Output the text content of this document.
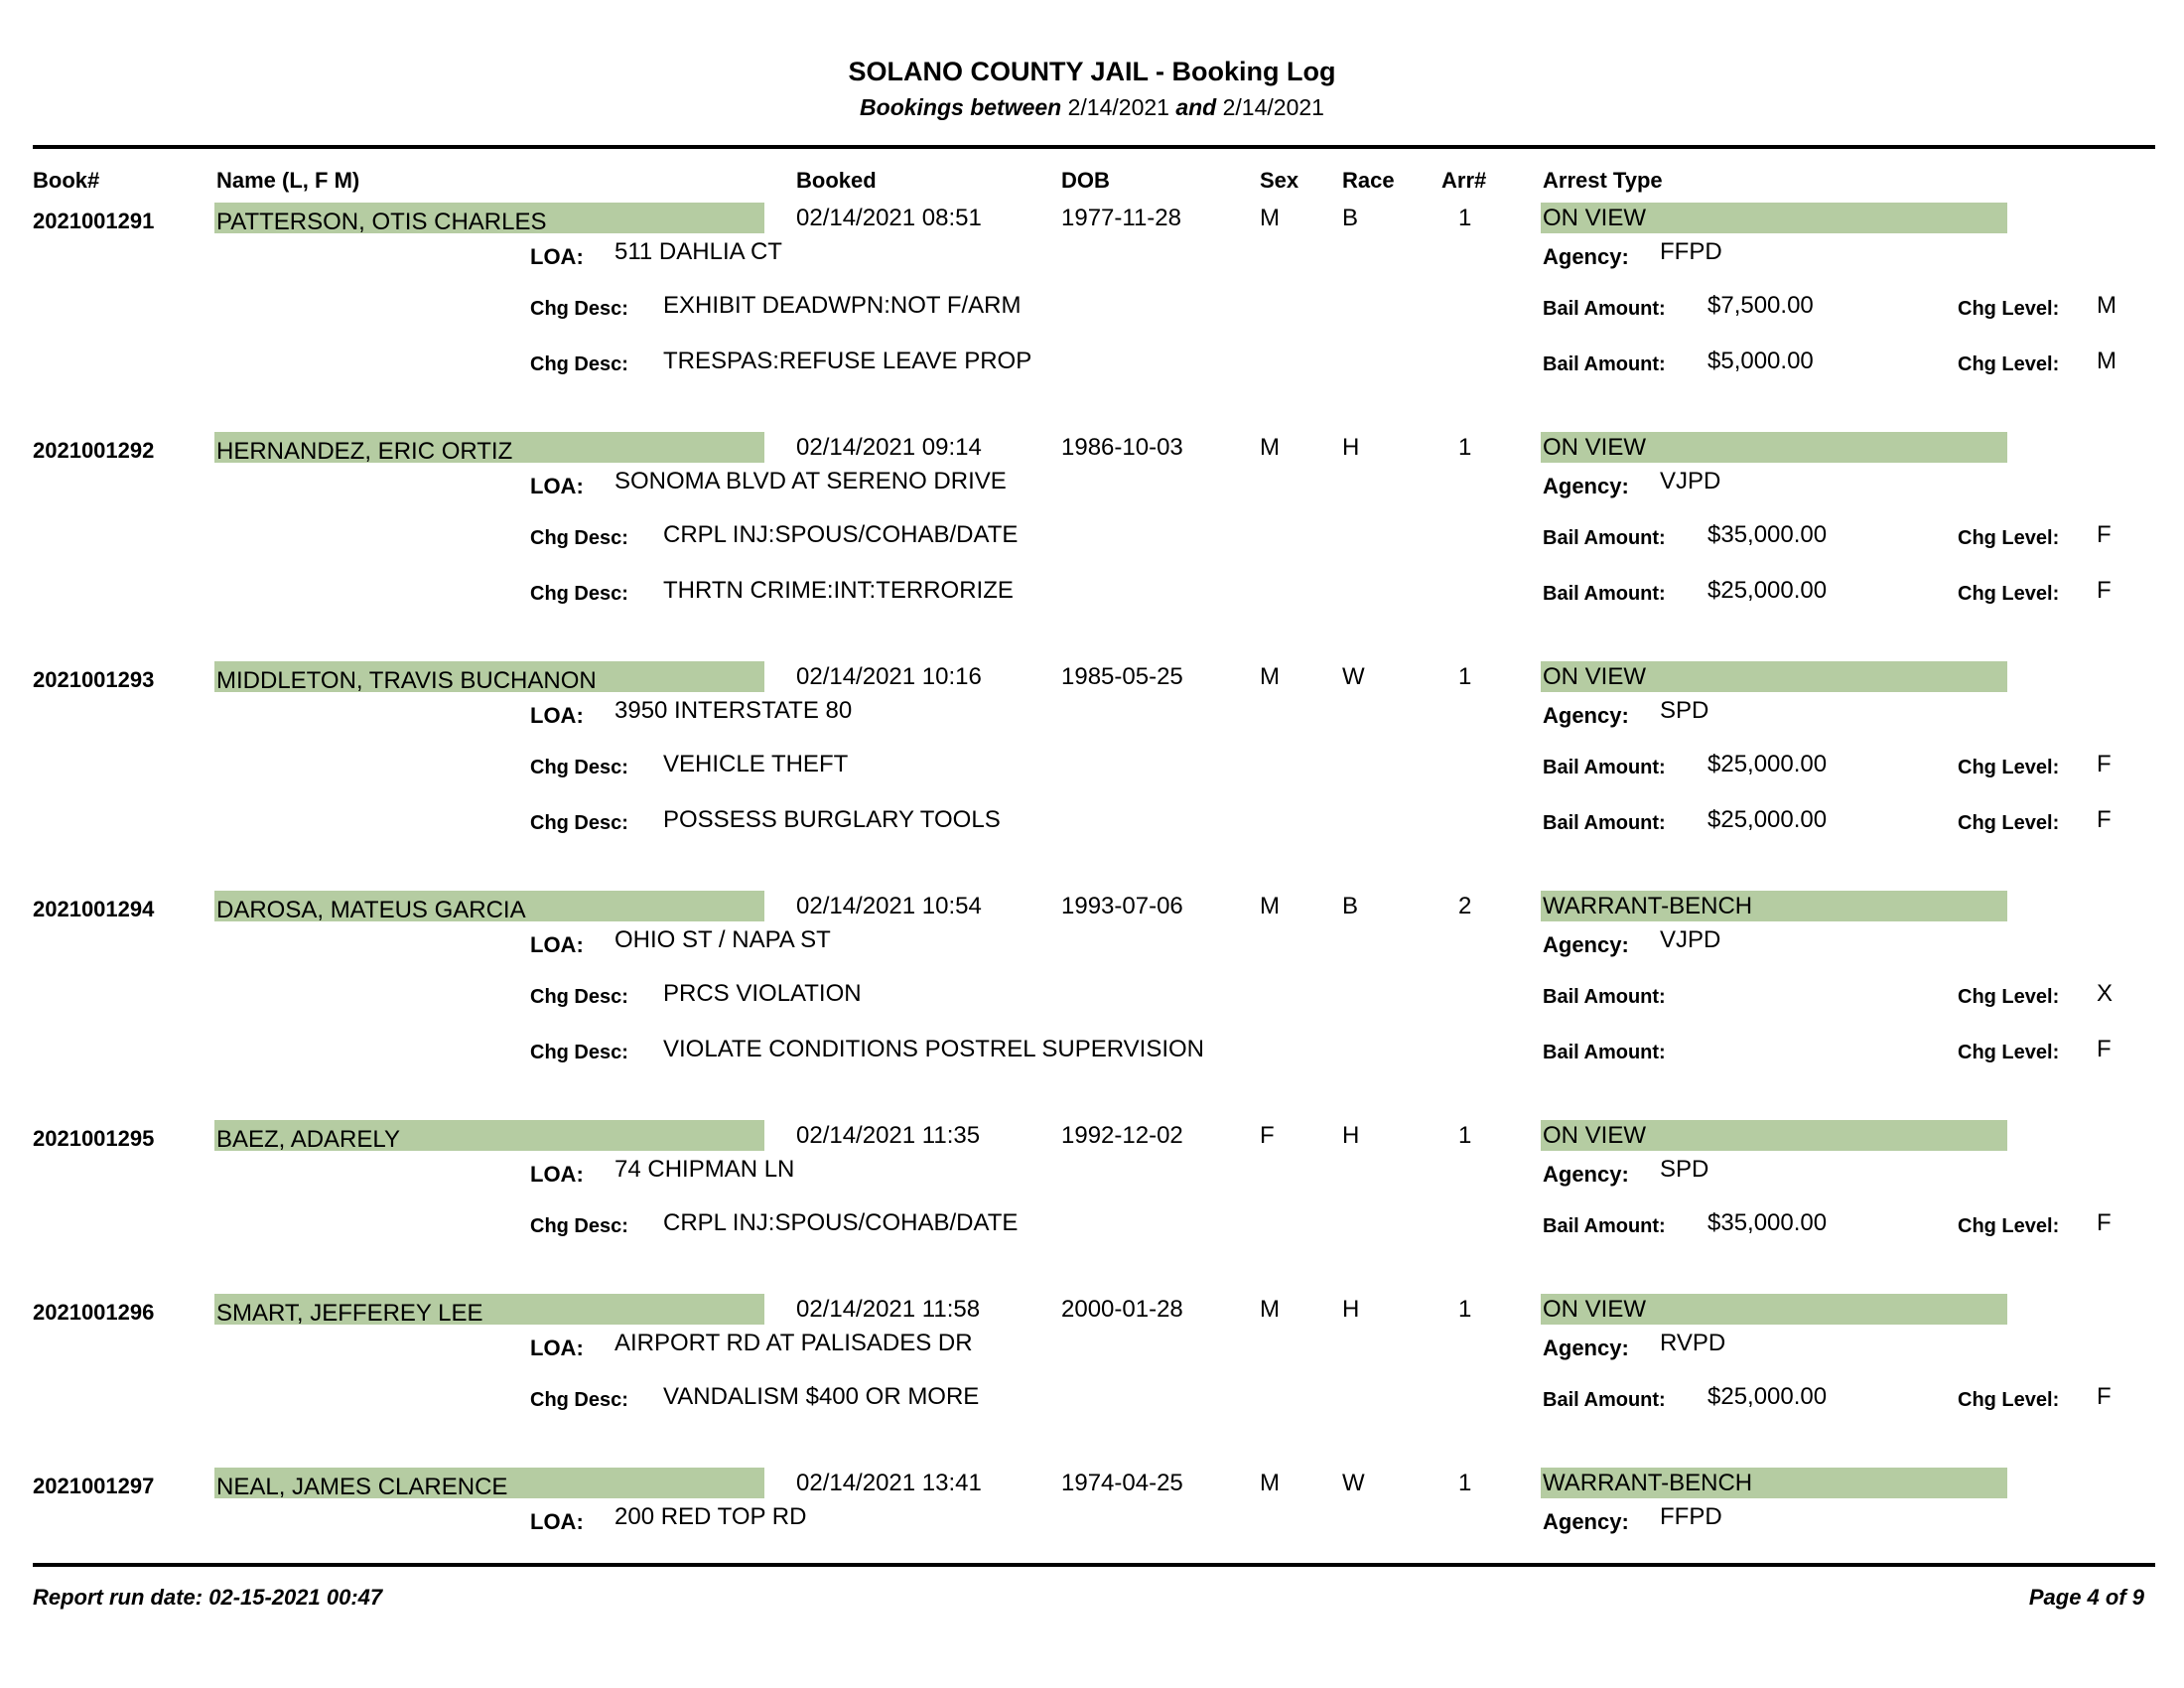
SOLANO COUNTY JAIL - Booking Log
Bookings between 2/14/2021 and 2/14/2021
Book#	Name (L, F M)	Booked	DOB	Sex Race Arr#	Arrest Type
2021001291	PATTERSON, OTIS CHARLES	02/14/2021 08:51	1977-11-28	M	B	1	ON VIEW
LOA: 511 DAHLIA CT	Agency: FFPD
Chg Desc: EXHIBIT DEADWPN:NOT F/ARM	Bail Amount: $7,500.00	Chg Level: M
Chg Desc: TRESPAS:REFUSE LEAVE PROP	Bail Amount: $5,000.00	Chg Level: M
2021001292	HERNANDEZ, ERIC ORTIZ	02/14/2021 09:14	1986-10-03	M	H	1	ON VIEW
LOA: SONOMA BLVD AT SERENO DRIVE	Agency: VJPD
Chg Desc: CRPL INJ:SPOUS/COHAB/DATE	Bail Amount: $35,000.00	Chg Level: F
Chg Desc: THRTN CRIME:INT:TERRORIZE	Bail Amount: $25,000.00	Chg Level: F
2021001293	MIDDLETON, TRAVIS BUCHANON	02/14/2021 10:16	1985-05-25	M	W	1	ON VIEW
LOA: 3950 INTERSTATE 80	Agency: SPD
Chg Desc: VEHICLE THEFT	Bail Amount: $25,000.00	Chg Level: F
Chg Desc: POSSESS BURGLARY TOOLS	Bail Amount: $25,000.00	Chg Level: F
2021001294	DAROSA, MATEUS GARCIA	02/14/2021 10:54	1993-07-06	M	B	2	WARRANT-BENCH
LOA: OHIO ST / NAPA ST	Agency: VJPD
Chg Desc: PRCS VIOLATION	Bail Amount:	Chg Level: X
Chg Desc: VIOLATE CONDITIONS POSTREL SUPERVISION	Bail Amount:	Chg Level: F
2021001295	BAEZ, ADARELY	02/14/2021 11:35	1992-12-02	F	H	1	ON VIEW
LOA: 74 CHIPMAN LN	Agency: SPD
Chg Desc: CRPL INJ:SPOUS/COHAB/DATE	Bail Amount: $35,000.00	Chg Level: F
2021001296	SMART, JEFFEREY LEE	02/14/2021 11:58	2000-01-28	M	H	1	ON VIEW
LOA: AIRPORT RD AT PALISADES DR	Agency: RVPD
Chg Desc: VANDALISM $400 OR MORE	Bail Amount: $25,000.00	Chg Level: F
2021001297	NEAL, JAMES CLARENCE	02/14/2021 13:41	1974-04-25	M	W	1	WARRANT-BENCH
LOA: 200 RED TOP RD	Agency: FFPD
Report run date: 02-15-2021 00:47	Page 4 of 9
